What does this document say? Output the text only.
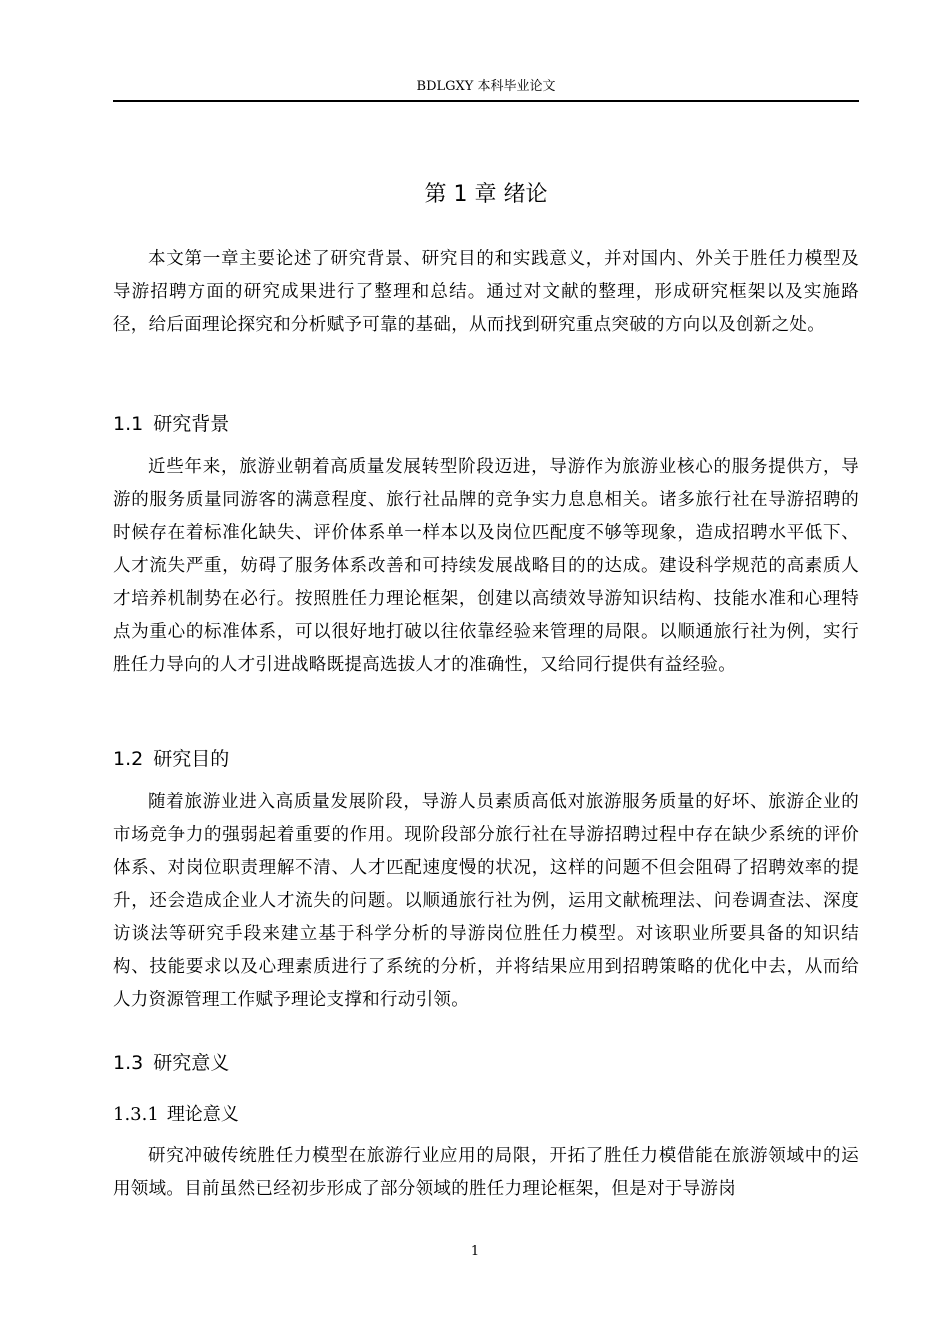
BDLGXY 本科毕业论文
第 1 章 绪论

本文第一章主要论述了研究背景、研究目的和实践意义，并对国内、外关于胜任力模型及导游招聘方面的研究成果进行了整理和总结。通过对文献的整理，形成研究框架以及实施路径，给后面理论探究和分析赋予可靠的基础，从而找到研究重点突破的方向以及创新之处。

1.1 研究背景

近些年来，旅游业朝着高质量发展转型阶段迈进，导游作为旅游业核心的服务提供方，导游的服务质量同游客的满意程度、旅行社品牌的竞争实力息息相关。诸多旅行社在导游招聘的时候存在着标准化缺失、评价体系单一样本以及岗位匹配度不够等现象，造成招聘水平低下、人才流失严重，妨碍了服务体系改善和可持续发展战略目的的达成。建设科学规范的高素质人才培养机制势在必行。按照胜任力理论框架，创建以高绩效导游知识结构、技能水准和心理特点为重心的标准体系，可以很好地打破以往依靠经验来管理的局限。以顺通旅行社为例，实行胜任力导向的人才引进战略既提高选拔人才的准确性，又给同行提供有益经验。

1.2 研究目的

随着旅游业进入高质量发展阶段，导游人员素质高低对旅游服务质量的好坏、旅游企业的市场竞争力的强弱起着重要的作用。现阶段部分旅行社在导游招聘过程中存在缺少系统的评价体系、对岗位职责理解不清、人才匹配速度慢的状况，这样的问题不但会阻碍了招聘效率的提升，还会造成企业人才流失的问题。以顺通旅行社为例，运用文献梳理法、问卷调查法、深度访谈法等研究手段来建立基于科学分析的导游岗位胜任力模型。对该职业所要具备的知识结构、技能要求以及心理素质进行了系统的分析，并将结果应用到招聘策略的优化中去，从而给人力资源管理工作赋予理论支撑和行动引领。

1.3 研究意义
1.3.1 理论意义

研究冲破传统胜任力模型在旅游行业应用的局限，开拓了胜任力模借能在旅游领域中的运用领域。目前虽然已经初步形成了部分领域的胜任力理论框架，但是对于导游岗

1
